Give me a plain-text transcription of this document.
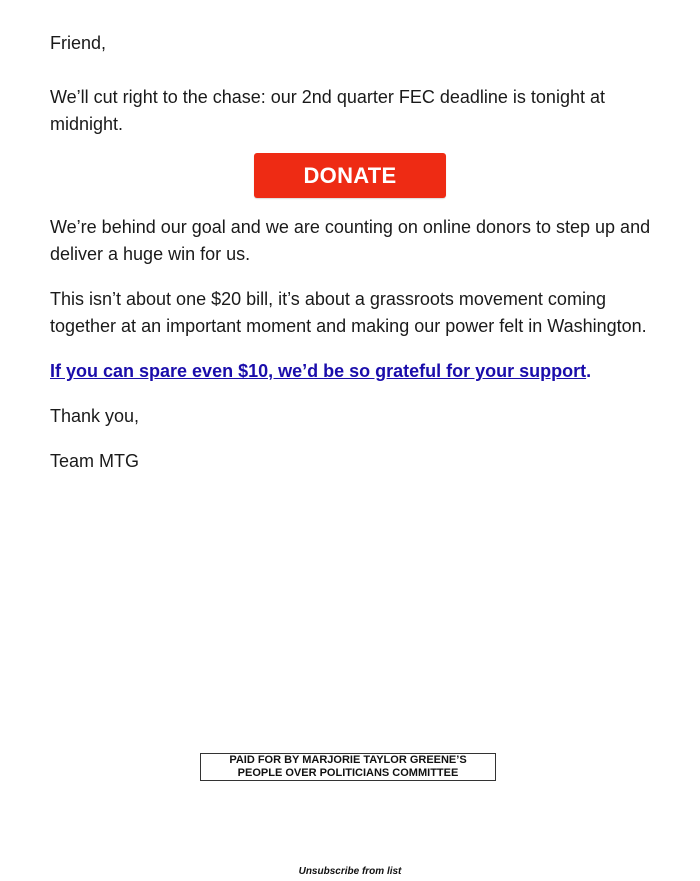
Friend,

We’ll cut right to the chase: our 2nd quarter FEC deadline is tonight at midnight.

We’re behind our goal and we are counting on online donors to step up and deliver a huge win for us.

This isn’t about one $20 bill, it’s about a grassroots movement coming together at an important moment and making our power felt in Washington.

If you can spare even $10, we’d be so grateful for your support.

Thank you,

Team MTG

DONATE
PAID FOR BY MARJORIE TAYLOR GREENE’S
PEOPLE OVER POLITICIANS COMMITTEE
Unsubscribe from list
